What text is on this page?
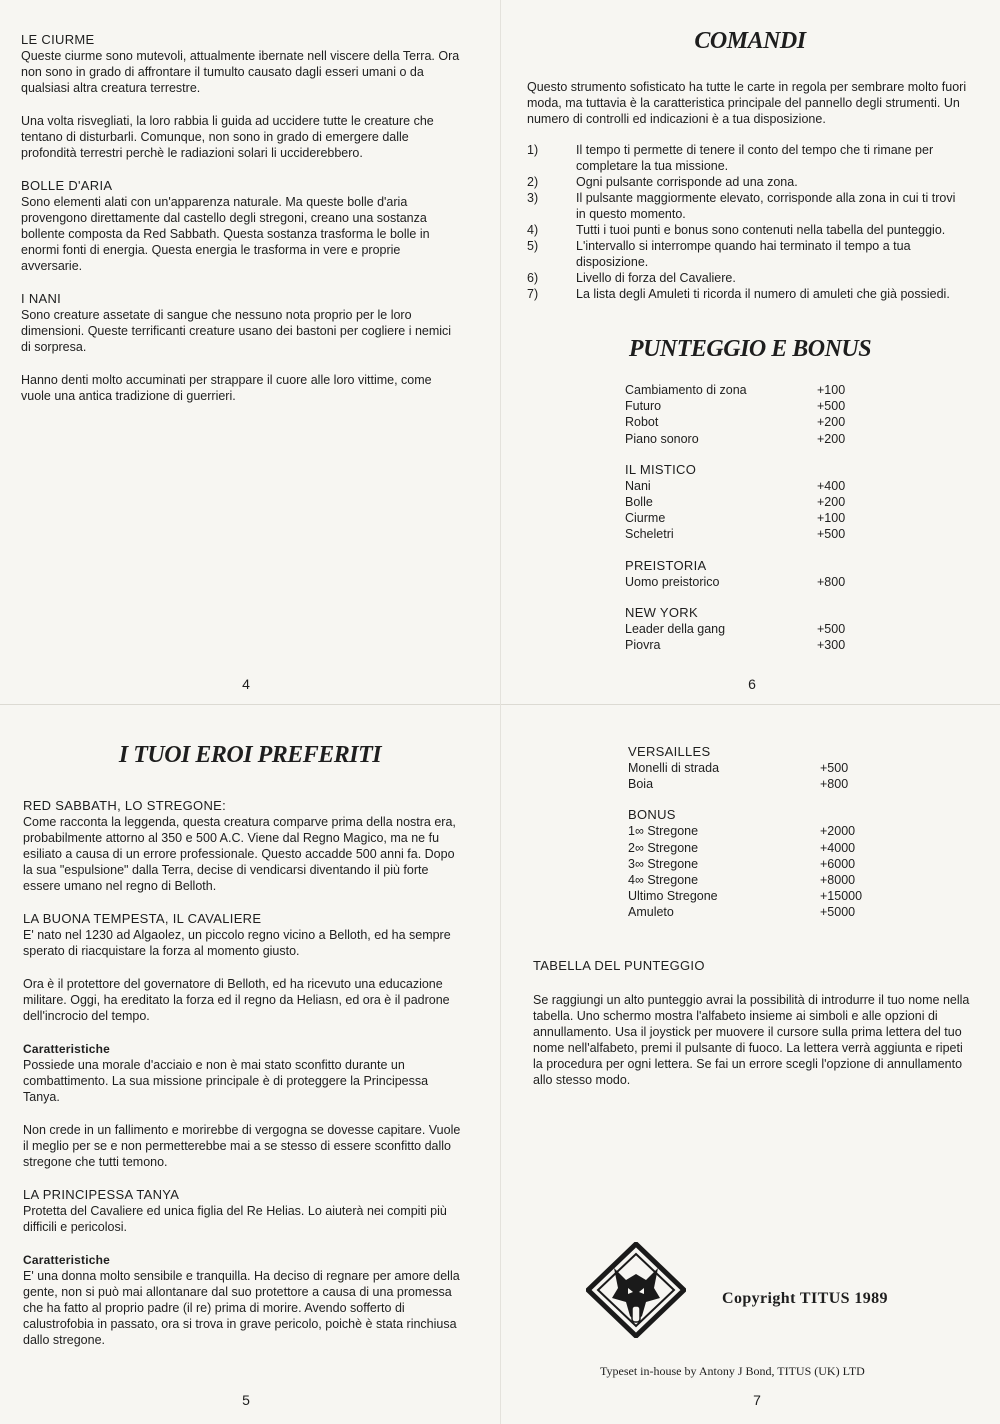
LE CIURME

Queste ciurme sono mutevoli, attualmente ibernate nell viscere della Terra. Ora non sono in grado di affrontare il tumulto causato dagli esseri umani o da qualsiasi altra creatura terrestre.

Una volta risvegliati, la loro rabbia li guida ad uccidere tutte le creature che tentano di disturbarli. Comunque, non sono in grado di emergere dalle profondità terrestri perchè le radiazioni solari li ucciderebbero.

BOLLE D'ARIA

Sono elementi alati con un'apparenza naturale. Ma queste bolle d'aria provengono direttamente dal castello degli stregoni, creano una sostanza bollente composta da Red Sabbath. Questa sostanza trasforma le bolle in enormi fonti di energia. Questa energia le trasforma in vere e proprie avversarie.

I NANI

Sono creature assetate di sangue che nessuno nota proprio per le loro dimensioni. Queste terrificanti creature usano dei bastoni per cogliere i nemici di sorpresa.

Hanno denti molto accuminati per strappare il cuore alle loro vittime, come vuole una antica tradizione di guerrieri.

4
COMANDI

Questo strumento sofisticato ha tutte le carte in regola per sembrare molto fuori moda, ma tuttavia è la caratteristica principale del pannello degli strumenti. Un numero di controlli ed indicazioni è a tua disposizione.

1)	Il tempo ti permette di tenere il conto del tempo che ti rimane per completare la tua missione.
2)	Ogni pulsante corrisponde ad una zona.
3)	Il pulsante maggiormente elevato, corrisponde alla zona in cui ti trovi in questo momento.
4)	Tutti i tuoi punti e bonus sono contenuti nella tabella del punteggio.
5)	L'intervallo si interrompe quando hai terminato il tempo a tua disposizione.
6)	Livello di forza del Cavaliere.
7)	La lista degli Amuleti ti ricorda il numero di amuleti che già possiedi.
PUNTEGGIO E BONUS
Cambiamento di zona	+100
Futuro	+500
Robot	+200
Piano sonoro	+200
IL MISTICO
Nani	+400
Bolle	+200
Ciurme	+100
Scheletri	+500
PREISTORIA
Uomo preistorico	+800
NEW YORK
Leader della gang	+500
Piovra	+300
6
I TUOI EROI PREFERITI
RED SABBATH, LO STREGONE:

Come racconta la leggenda, questa creatura comparve prima della nostra era, probabilmente attorno al 350 e 500 A.C. Viene dal Regno Magico, ma ne fu esiliato a causa di un errore professionale. Questo accadde 500 anni fa. Dopo la sua "espulsione" dalla Terra, decise di vendicarsi diventando il più forte essere umano nel regno di Belloth.

LA BUONA TEMPESTA, IL CAVALIERE

E' nato nel 1230 ad Algaolez, un piccolo regno vicino a Belloth, ed ha sempre sperato di riacquistare la forza al momento giusto.

Ora è il protettore del governatore di Belloth, ed ha ricevuto una educazione militare. Oggi, ha ereditato la forza ed il regno da Heliasn, ed ora è il padrone dell'incrocio del tempo.

Caratteristiche

Possiede una morale d'acciaio e non è mai stato sconfitto durante un combattimento. La sua missione principale è di proteggere la Principessa Tanya.

Non crede in un fallimento e morirebbe di vergogna se dovesse capitare. Vuole il meglio per se e non permetterebbe mai a se stesso di essere sconfitto dallo stregone che tutti temono.

LA PRINCIPESSA TANYA

Protetta del Cavaliere ed unica figlia del Re Helias. Lo aiuterà nei compiti più difficili e pericolosi.

Caratteristiche

E' una donna molto sensibile e tranquilla. Ha deciso di regnare per amore della gente, non si può mai allontanare dal suo protettore a causa di una promessa che ha fatto al proprio padre (il re) prima di morire. Avendo sofferto di calustrofobia in passato, ora si trova in grave pericolo, poichè è stata rinchiusa dallo stregone.

5
VERSAILLES
Monelli di strada	+500
Boia	+800
BONUS
1∞ Stregone	+2000
2∞ Stregone	+4000
3∞ Stregone	+6000
4∞ Stregone	+8000
Ultimo Stregone	+15000
Amuleto	+5000
TABELLA DEL PUNTEGGIO

Se raggiungi un alto punteggio avrai la possibilità di introdurre il tuo nome nella tabella. Uno schermo mostra l'alfabeto insieme ai simboli e alle opzioni di annullamento. Usa il joystick per muovere il cursore sulla prima lettera del tuo nome nell'alfabeto, premi il pulsante di fuoco. La lettera verrà aggiunta e ripeti la procedura per ogni lettera. Se fai un errore scegli l'opzione di annullamento allo stesso modo.

Copyright TITUS 1989
Typeset in-house by Antony J Bond, TITUS (UK) LTD
7
